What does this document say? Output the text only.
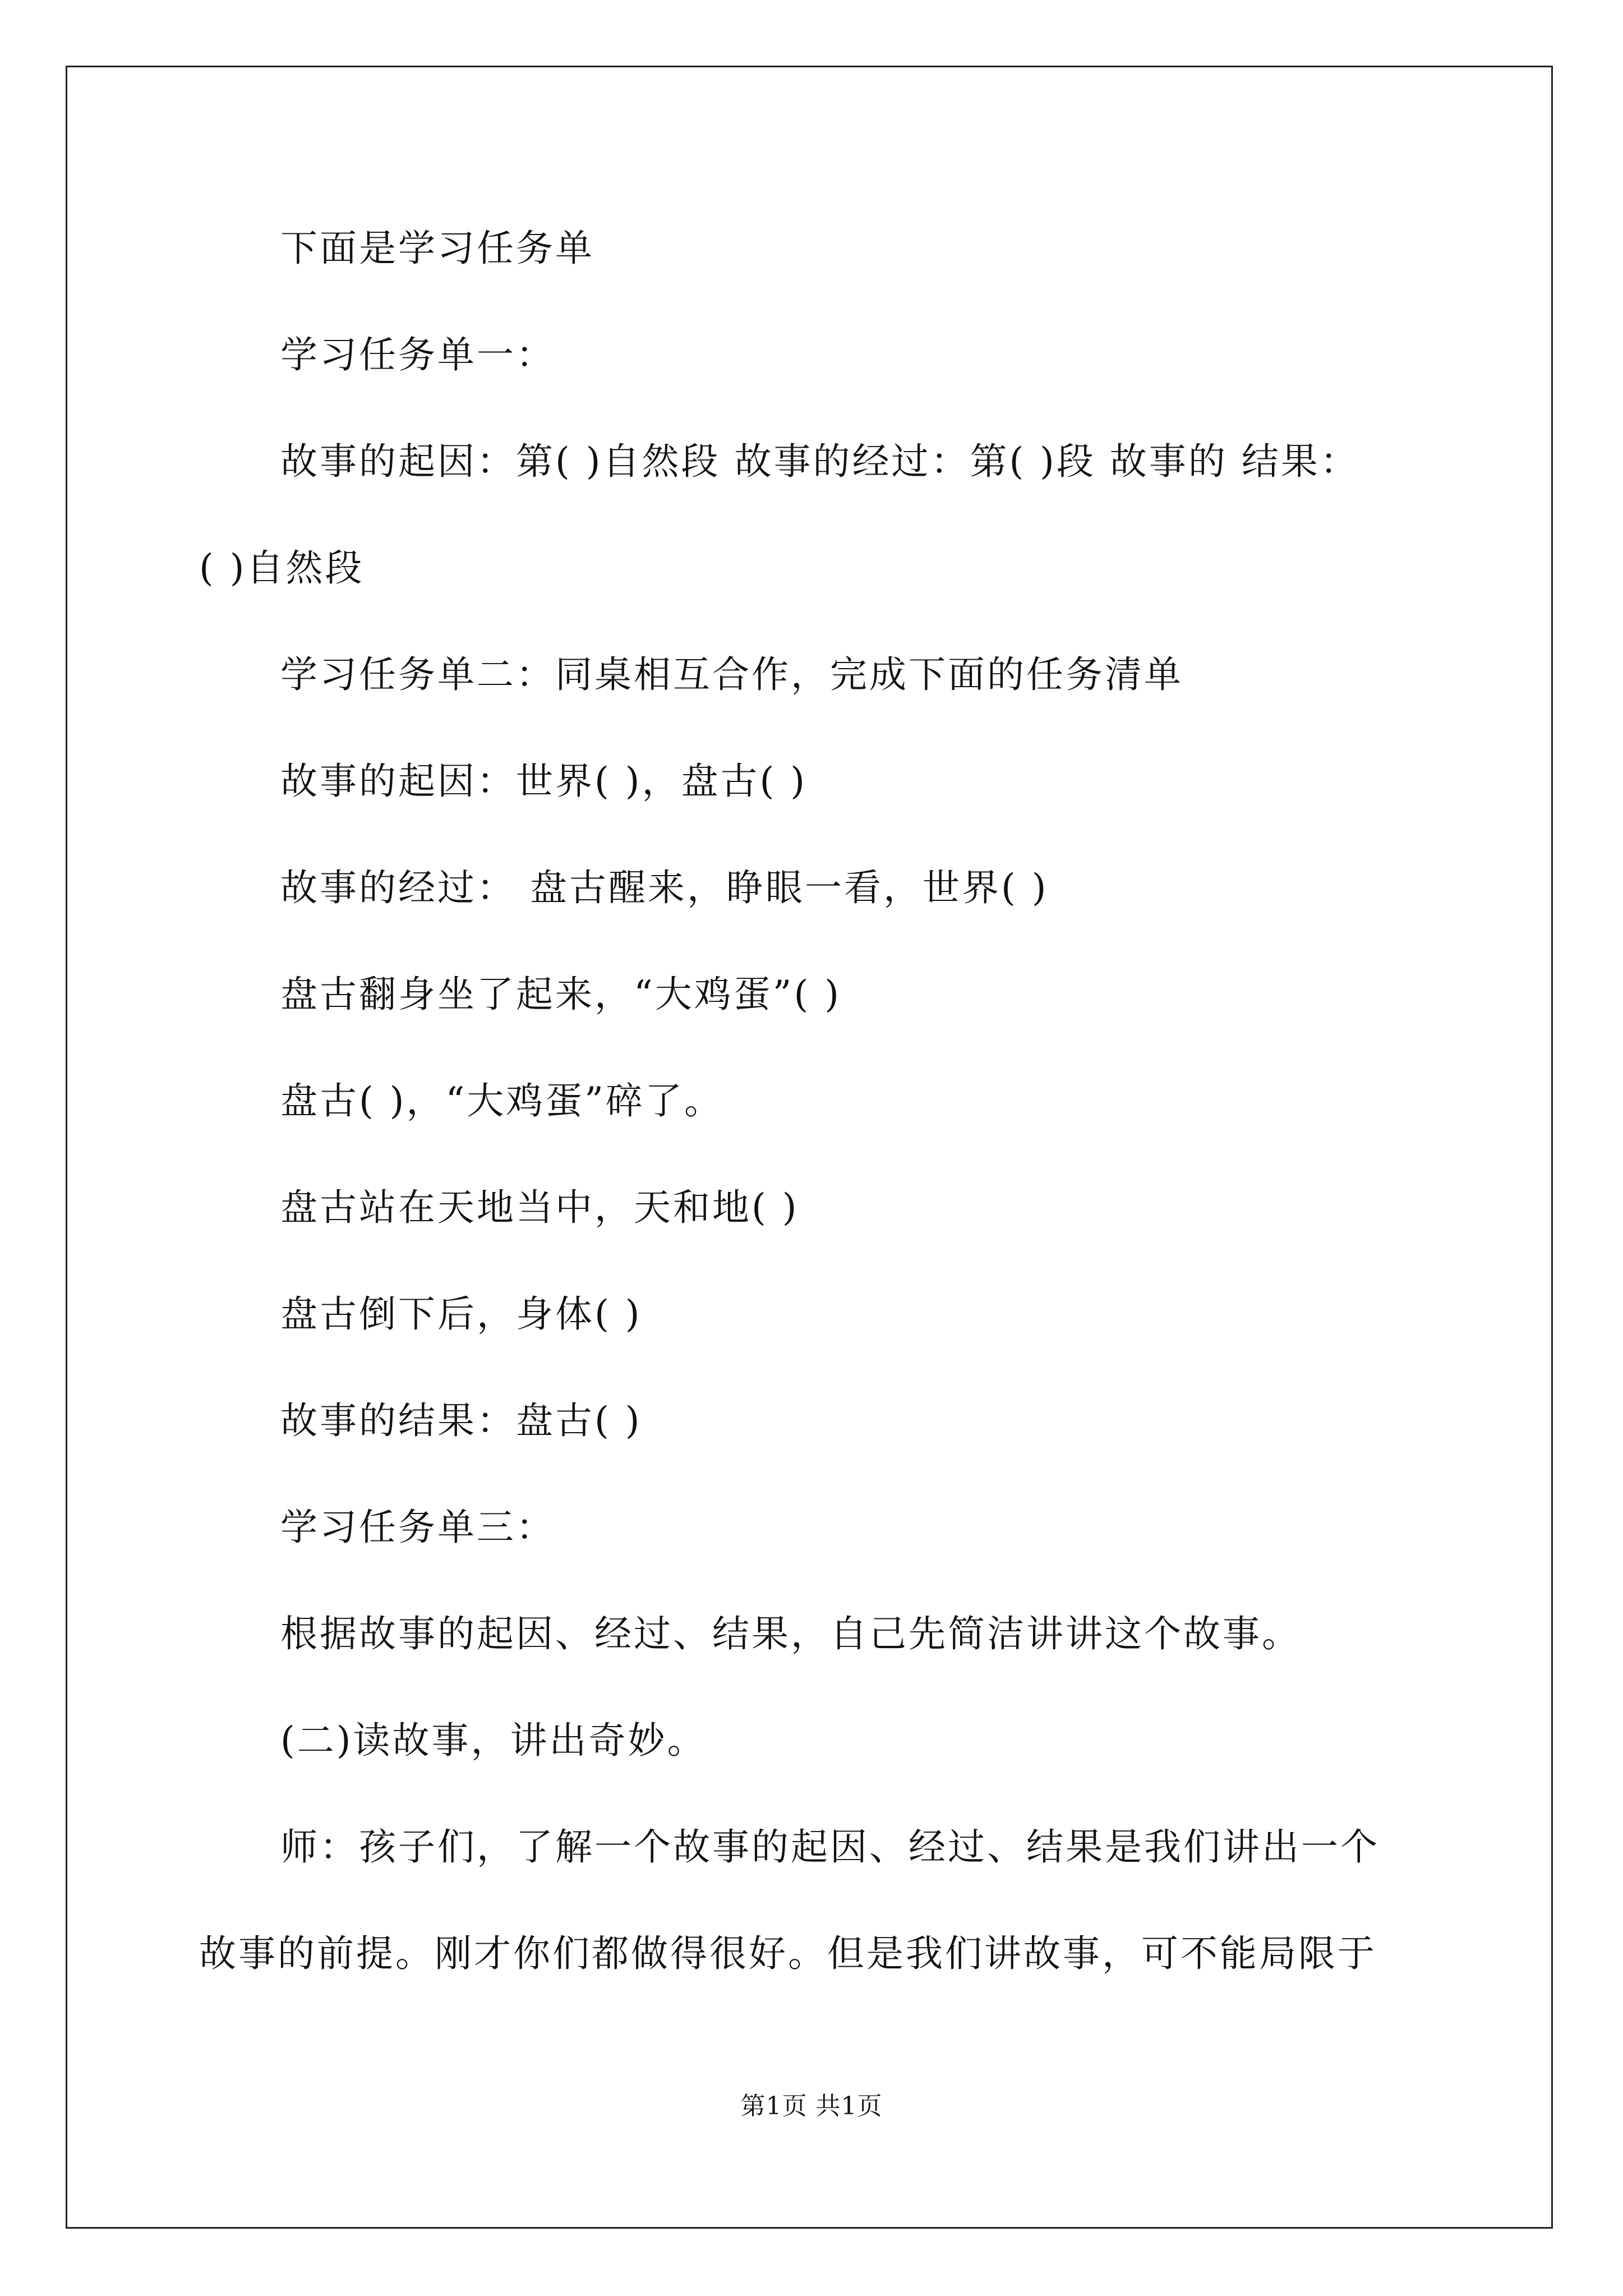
下面是学习任务单
学习任务单一：
故事的起因：第( )自然段 故事的经过：第( )段 故事的 结果：
( )自然段
学习任务单二：同桌相互合作，完成下面的任务清单
故事的起因：世界( )，盘古( )
故事的经过： 盘古醒来，睁眼一看，世界( )
盘古翻身坐了起来，“大鸡蛋”( )
盘古( )，“大鸡蛋”碎了。
盘古站在天地当中，天和地( )
盘古倒下后，身体( )
故事的结果：盘古( )
学习任务单三：
根据故事的起因、经过、结果，自己先简洁讲讲这个故事。
(二)读故事，讲出奇妙。
师：孩子们，了解一个故事的起因、经过、结果是我们讲出一个
故事的前提。刚才你们都做得很好。但是我们讲故事，可不能局限于
第1页 共1页
